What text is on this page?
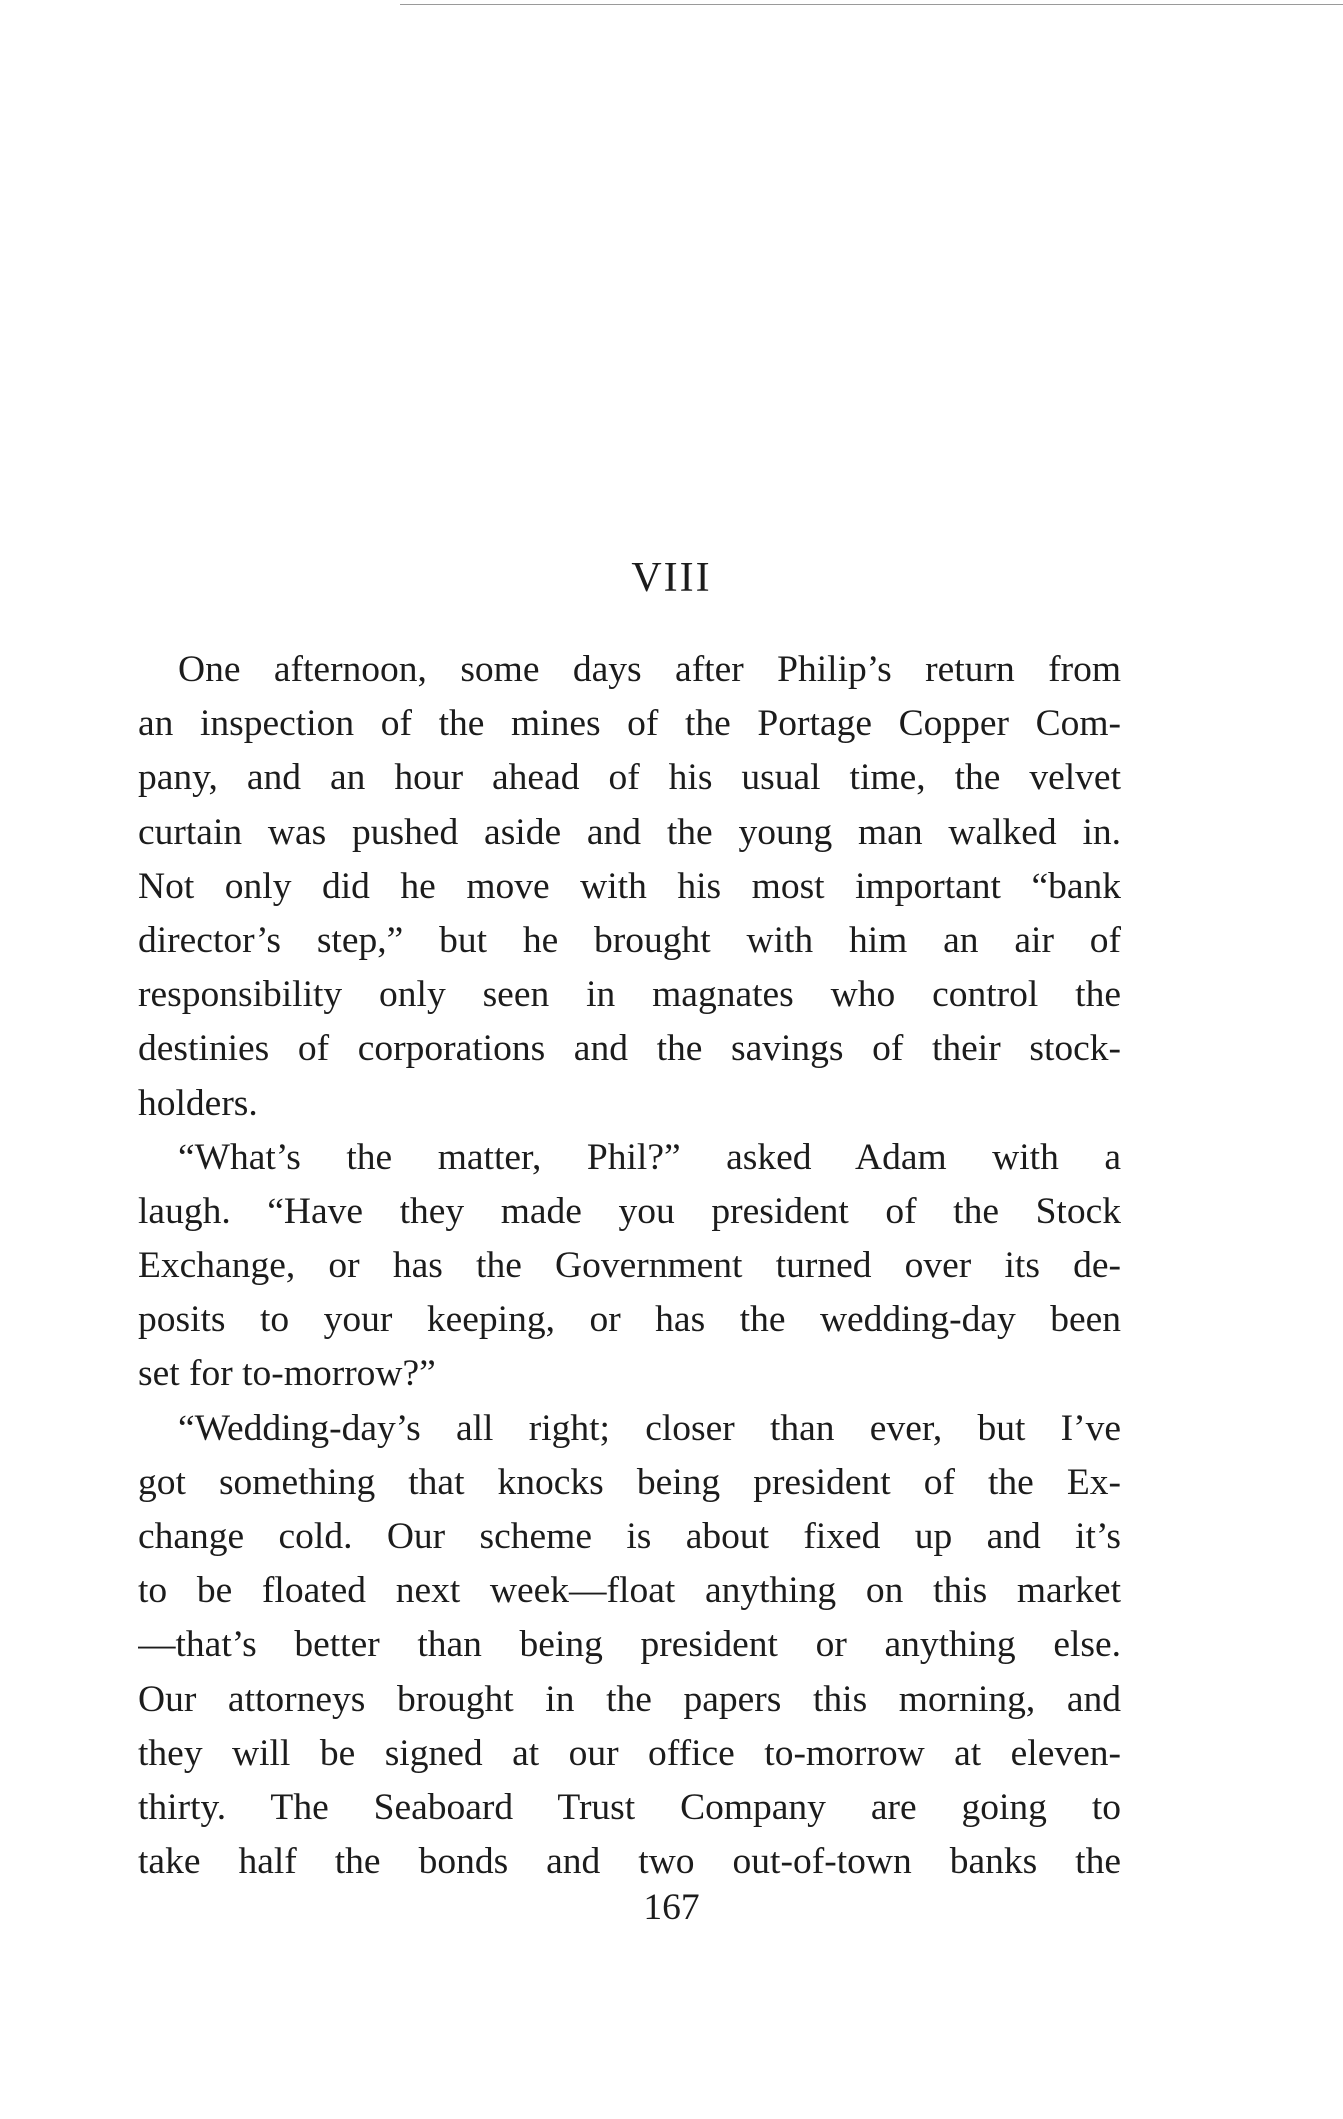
VIII
One afternoon, some days after Philip’s return from
an inspection of the mines of the Portage Copper Com-
pany, and an hour ahead of his usual time, the velvet
curtain was pushed aside and the young man walked in.
Not only did he move with his most important “bank
director’s step,” but he brought with him an air of
responsibility only seen in magnates who control the
destinies of corporations and the savings of their stock-
holders.
“What’s the matter, Phil?” asked Adam with a
laugh. “Have they made you president of the Stock
Exchange, or has the Government turned over its de-
posits to your keeping, or has the wedding-day been
set for to-morrow?”
“Wedding-day’s all right; closer than ever, but I’ve
got something that knocks being president of the Ex-
change cold. Our scheme is about fixed up and it’s
to be floated next week—float anything on this market
—that’s better than being president or anything else.
Our attorneys brought in the papers this morning, and
they will be signed at our office to-morrow at eleven-
thirty. The Seaboard Trust Company are going to
take half the bonds and two out-of-town banks the
167
